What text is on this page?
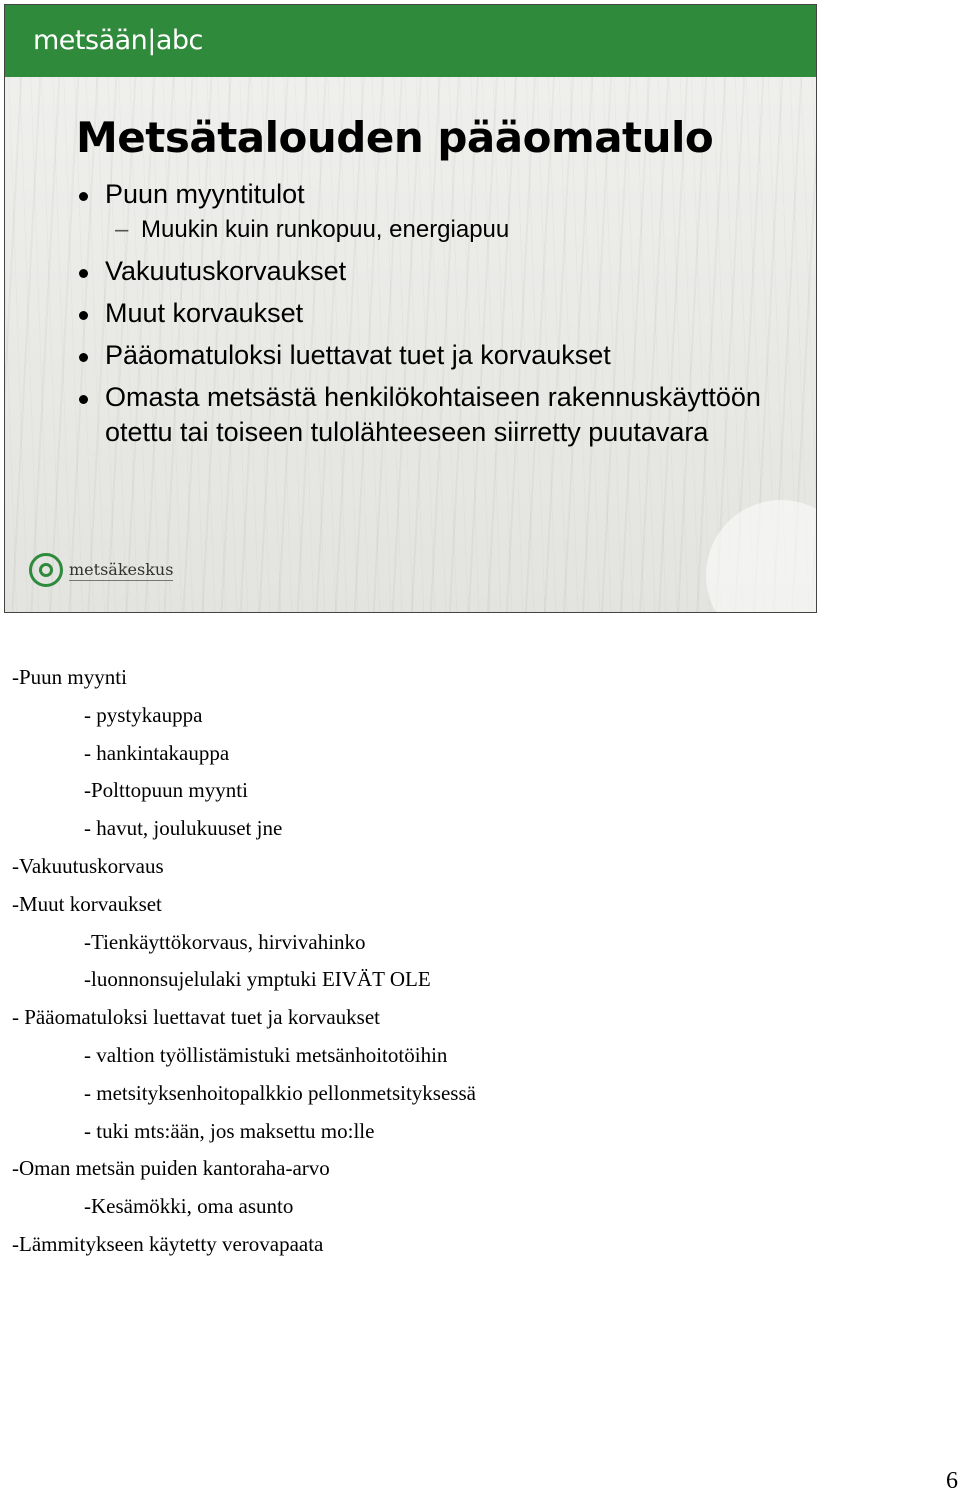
metsään|abc
Metsätalouden pääomatulo
Puun myyntitulot
– Muukin kuin runkopuu, energiapuu
Vakuutuskorvaukset
Muut korvaukset
Pääomatuloksi luettavat tuet ja korvaukset
Omasta metsästä henkilökohtaiseen rakennuskäyttöön otettu tai toiseen tulolähteeseen siirretty puutavara
metsäkeskus
-Puun myynti
- pystykauppa
- hankintakauppa
-Polttopuun myynti
- havut, joulukuuset jne
-Vakuutuskorvaus
-Muut korvaukset
-Tienkäyttökorvaus, hirvivahinko
-luonnonsujelulaki ymptuki EIVÄT OLE
- Pääomatuloksi luettavat tuet ja korvaukset
- valtion työllistämistuki metsänhoitotöihin
- metsityksenhoitopalkkio pellonmetsityksessä
- tuki mts:ään, jos maksettu mo:lle
-Oman metsän puiden kantoraha-arvo
-Kesämökki, oma asunto
-Lämmitykseen käytetty verovapaata
6
